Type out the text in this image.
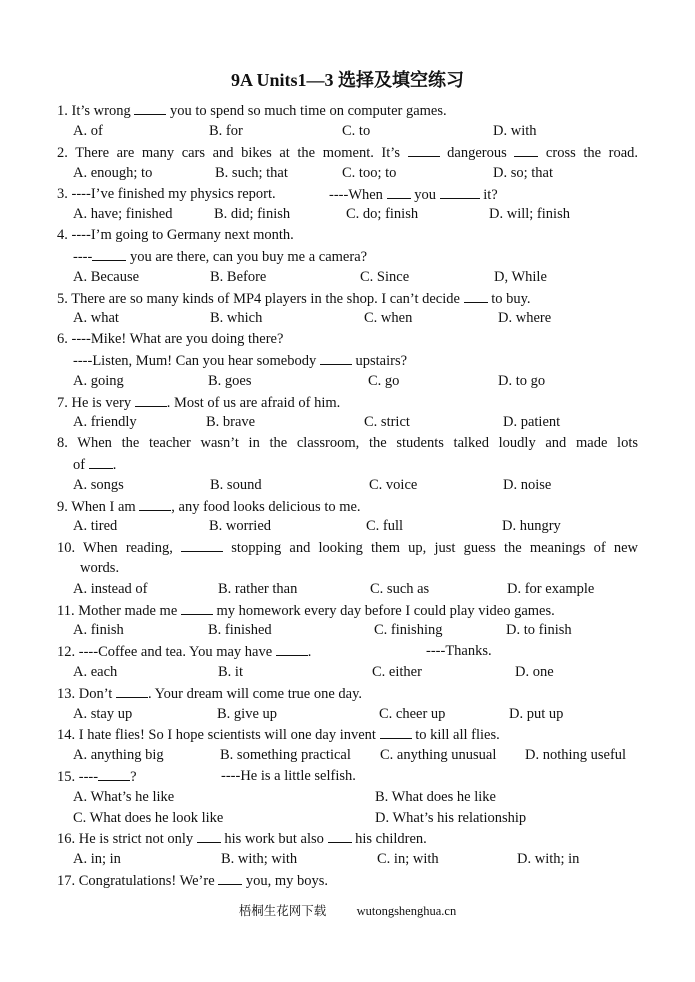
9A Units1—3 选择及填空练习
1. It’s wrong  you to spend so much time on computer games.
A. of	B. for	C. to	D. with
2. There are many cars and bikes at the moment. It’s  dangerous  cross the road.
A. enough; to	B. such; that	C. too; to	D. so; that
3. ----I’ve finished my physics report.	----When  you	it?
A. have; finished	B. did; finish	C. do; finish	D. will; finish
4. ----I’m going to Germany next month.
---- you are there, can you buy me a camera?
A. Because	B. Before	C. Since	D, While
5. There are so many kinds of MP4 players in the shop. I can’t decide  to buy.
A. what	B. which	C. when	D. where
6. ----Mike! What are you doing there?
----Listen, Mum! Can you hear somebody  upstairs?
A. going	B. goes	C. go	D. to go
7. He is very . Most of us are afraid of him.
A. friendly	B. brave	C. strict	D. patient
8. When the teacher wasn’t in the classroom, the students talked loudly and made lots
of .
A. songs	B. sound	C. voice	D. noise
9. When I am , any food looks delicious to me.
A. tired	B. worried	C. full	D. hungry
10. When reading,	stopping and looking them up, just guess the meanings of new
words.
A. instead of	B. rather than	C. such as	D. for example
11. Mother made me  my homework every day before I could play video games.
A. finish	B. finished	C. finishing	D. to finish
12. ----Coffee and tea. You may have .	----Thanks.
A. each	B. it	C. either	D. one
13. Don’t . Your dream will come true one day.
A. stay up	B. give up	C. cheer up	D. put up
14. I hate flies! So I hope scientists will one day invent  to kill all flies.
A. anything big	B. something practical C. anything unusual D. nothing useful
15. ---- ?	----He is a little selfish.
A. What’s he like	B. What does he like
C. What does he look like	D. What’s his relationship
16. He is strict not only  his work but also  his children.
A. in; in	B. with; with	C. in; with	D. with; in
17. Congratulations! We’re  you, my boys.
梧桐生花网下载 wutongshenghua.cn
